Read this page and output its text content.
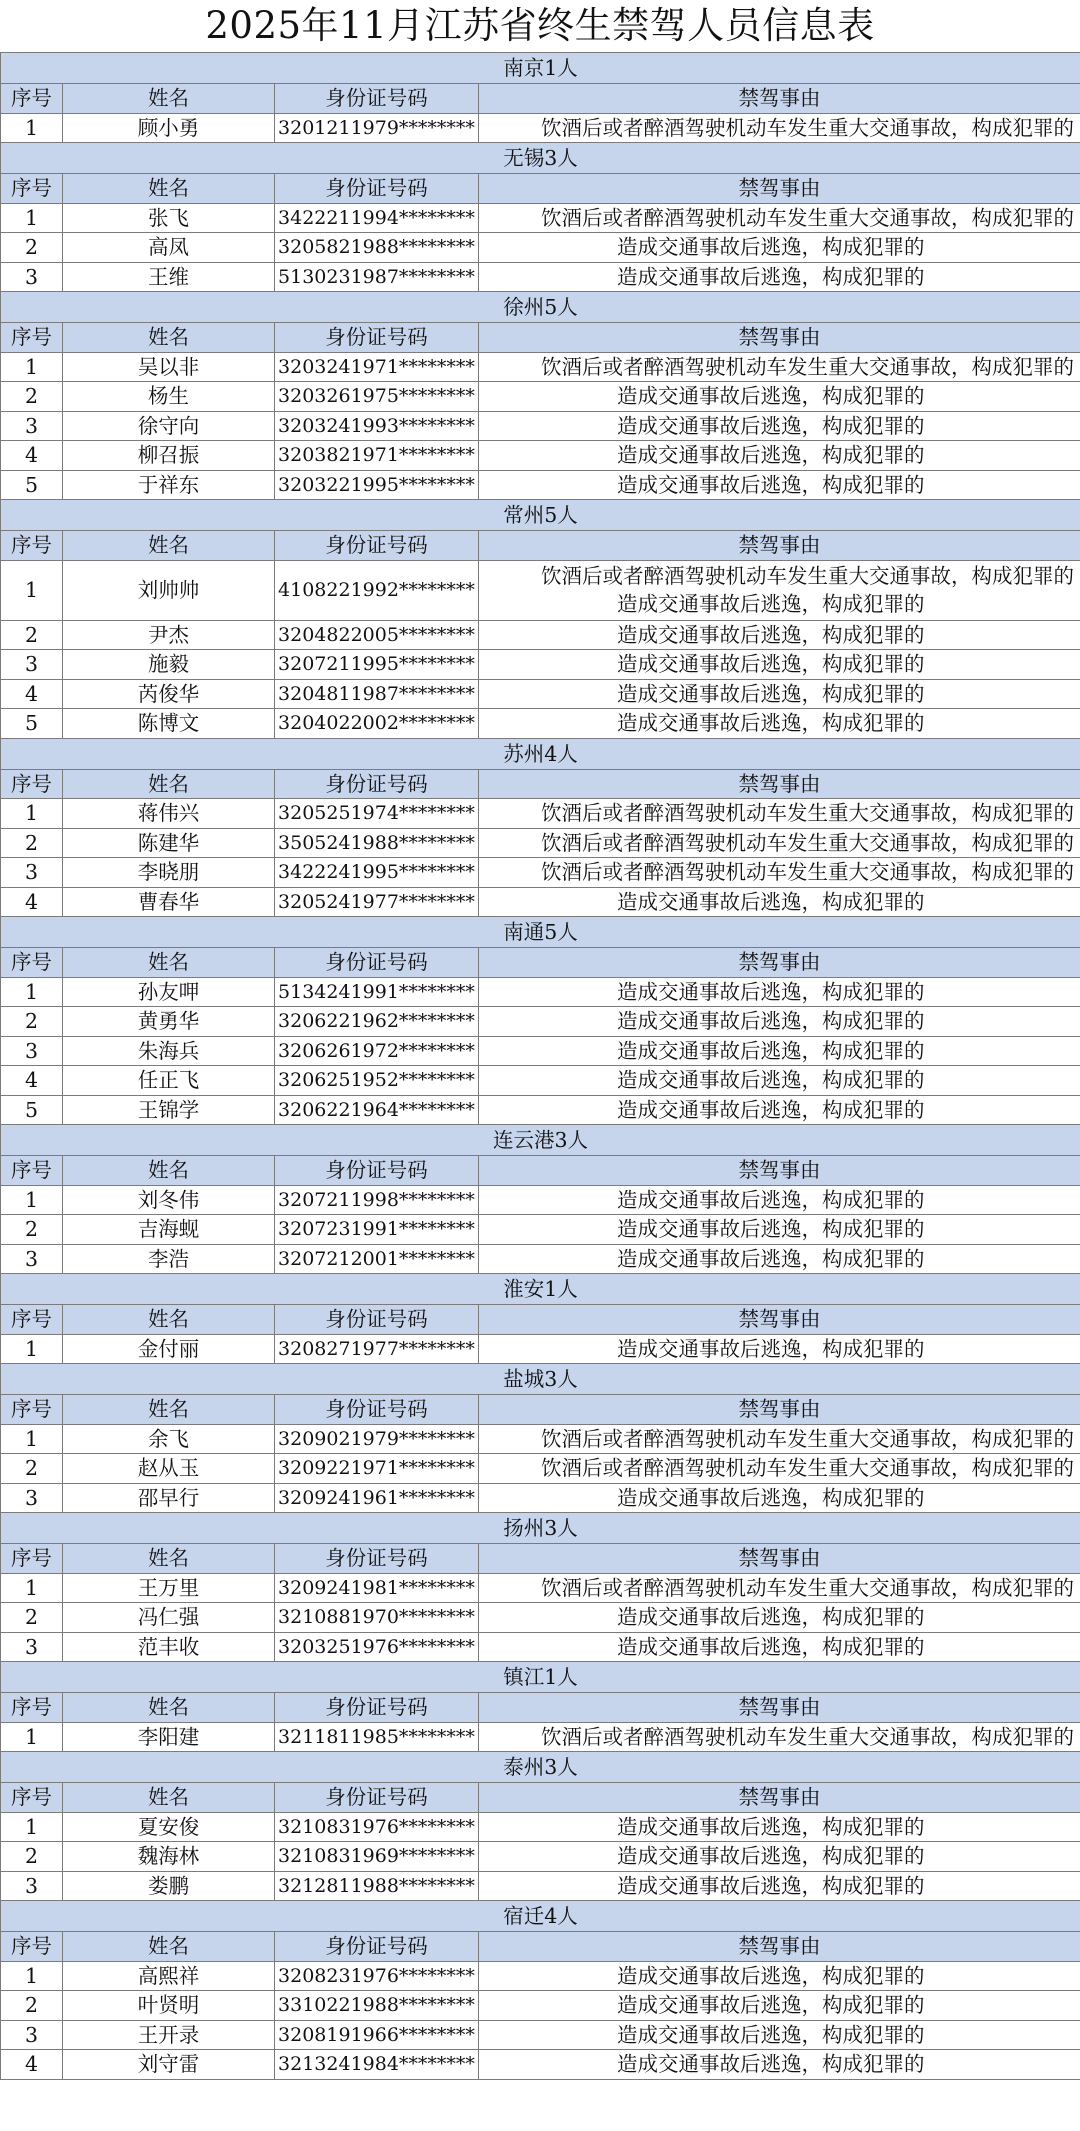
2025年11月江苏省终生禁驾人员信息表
南京1人			
序号	姓名	身份证号码	禁驾事由
1	顾小勇	3201211979********	饮酒后或者醉酒驾驶机动车发生重大交通事故，构成犯罪的

无锡3人			
序号	姓名	身份证号码	禁驾事由
1	张飞	3422211994********	饮酒后或者醉酒驾驶机动车发生重大交通事故，构成犯罪的

2	高凤	3205821988********	造成交通事故后逃逸，构成犯罪的

3	王维	5130231987********	造成交通事故后逃逸，构成犯罪的

徐州5人			
序号	姓名	身份证号码	禁驾事由
1	吴以非	3203241971********	饮酒后或者醉酒驾驶机动车发生重大交通事故，构成犯罪的

2	杨生	3203261975********	造成交通事故后逃逸，构成犯罪的

3	徐守向	3203241993********	造成交通事故后逃逸，构成犯罪的

4	柳召振	3203821971********	造成交通事故后逃逸，构成犯罪的

5	于祥东	3203221995********	造成交通事故后逃逸，构成犯罪的

常州5人			
序号	姓名	身份证号码	禁驾事由
1	刘帅帅	4108221992********	饮酒后或者醉酒驾驶机动车发生重大交通事故，构成犯罪的
造成交通事故后逃逸，构成犯罪的

2	尹杰	3204822005********	造成交通事故后逃逸，构成犯罪的

3	施毅	3207211995********	造成交通事故后逃逸，构成犯罪的

4	芮俊华	3204811987********	造成交通事故后逃逸，构成犯罪的

5	陈博文	3204022002********	造成交通事故后逃逸，构成犯罪的

苏州4人			
序号	姓名	身份证号码	禁驾事由
1	蒋伟兴	3205251974********	饮酒后或者醉酒驾驶机动车发生重大交通事故，构成犯罪的

2	陈建华	3505241988********	饮酒后或者醉酒驾驶机动车发生重大交通事故，构成犯罪的

3	李晓朋	3422241995********	饮酒后或者醉酒驾驶机动车发生重大交通事故，构成犯罪的

4	曹春华	3205241977********	造成交通事故后逃逸，构成犯罪的

南通5人			
序号	姓名	身份证号码	禁驾事由
1	孙友呷	5134241991********	造成交通事故后逃逸，构成犯罪的

2	黄勇华	3206221962********	造成交通事故后逃逸，构成犯罪的

3	朱海兵	3206261972********	造成交通事故后逃逸，构成犯罪的

4	任正飞	3206251952********	造成交通事故后逃逸，构成犯罪的

5	王锦学	3206221964********	造成交通事故后逃逸，构成犯罪的

连云港3人			
序号	姓名	身份证号码	禁驾事由
1	刘冬伟	3207211998********	造成交通事故后逃逸，构成犯罪的

2	吉海蚬	3207231991********	造成交通事故后逃逸，构成犯罪的

3	李浩	3207212001********	造成交通事故后逃逸，构成犯罪的

淮安1人			
序号	姓名	身份证号码	禁驾事由
1	金付丽	3208271977********	造成交通事故后逃逸，构成犯罪的

盐城3人			
序号	姓名	身份证号码	禁驾事由
1	余飞	3209021979********	饮酒后或者醉酒驾驶机动车发生重大交通事故，构成犯罪的

2	赵从玉	3209221971********	饮酒后或者醉酒驾驶机动车发生重大交通事故，构成犯罪的

3	邵早行	3209241961********	造成交通事故后逃逸，构成犯罪的

扬州3人			
序号	姓名	身份证号码	禁驾事由
1	王万里	3209241981********	饮酒后或者醉酒驾驶机动车发生重大交通事故，构成犯罪的

2	冯仁强	3210881970********	造成交通事故后逃逸，构成犯罪的

3	范丰收	3203251976********	造成交通事故后逃逸，构成犯罪的

镇江1人			
序号	姓名	身份证号码	禁驾事由
1	李阳建	3211811985********	饮酒后或者醉酒驾驶机动车发生重大交通事故，构成犯罪的

泰州3人			
序号	姓名	身份证号码	禁驾事由
1	夏安俊	3210831976********	造成交通事故后逃逸，构成犯罪的

2	魏海林	3210831969********	造成交通事故后逃逸，构成犯罪的

3	娄鹏	3212811988********	造成交通事故后逃逸，构成犯罪的

宿迁4人			
序号	姓名	身份证号码	禁驾事由
1	高熙祥	3208231976********	造成交通事故后逃逸，构成犯罪的

2	叶贤明	3310221988********	造成交通事故后逃逸，构成犯罪的

3	王开录	3208191966********	造成交通事故后逃逸，构成犯罪的

4	刘守雷	3213241984********	造成交通事故后逃逸，构成犯罪的
